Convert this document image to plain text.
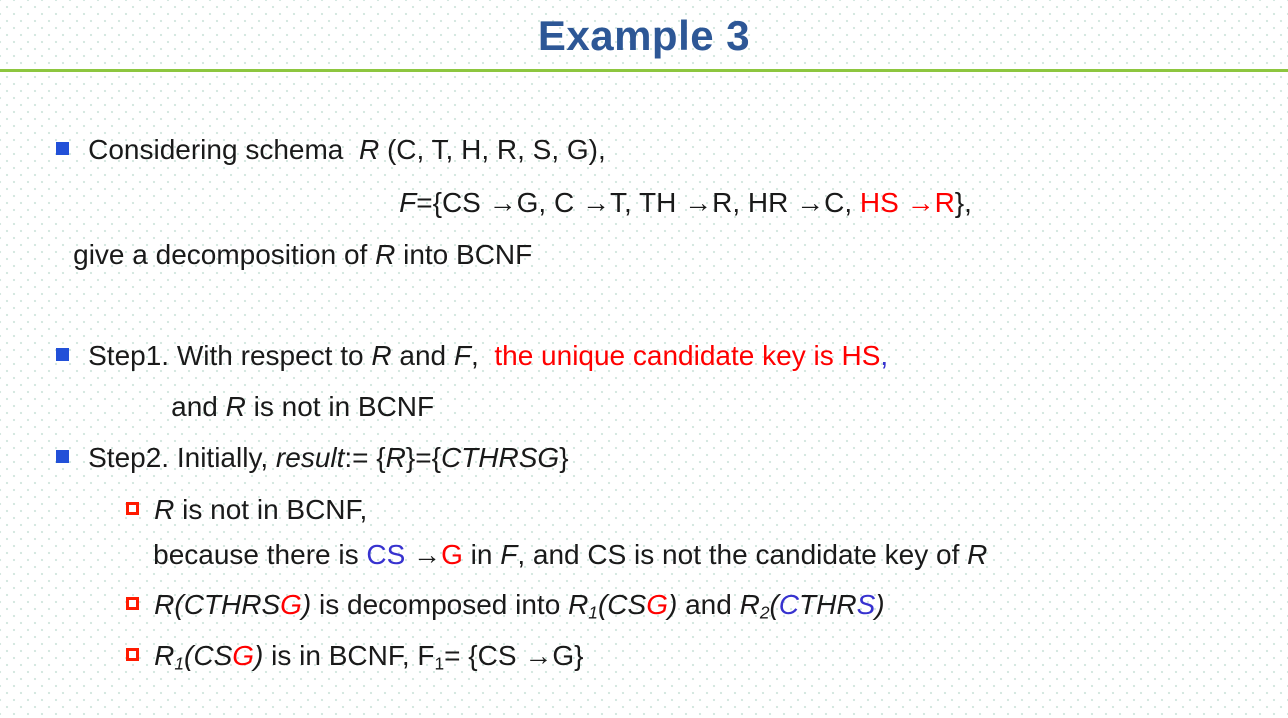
Example 3

Considering schema  R (C, T, H, R, S, G),

F={CS →G, C →T, TH →R, HR →C, HS →R},

give a decomposition of R into BCNF

Step1. With respect to R and F,  the unique candidate key is HS,

and R is not in BCNF

Step2. Initially, result:= {R}={CTHRSG}

R is not in BCNF,

because there is CS →G in F, and CS is not the candidate key of R

R(CTHRSG) is decomposed into $R_1(CSG)$ and $R_2(CTHRS)$

$R_1(CSG)$ is in BCNF, $F_1= \{CS \to G\}$
